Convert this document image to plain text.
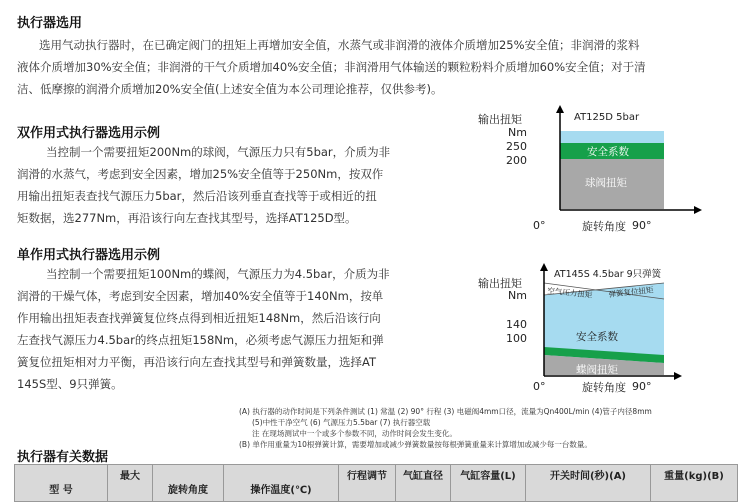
执行器选用
选用气动执行器时，在已确定阀门的扭矩上再增加安全值，水蒸气或非润滑的液体介质增加25%安全值；非润滑的浆料
液体介质增加30%安全值；非润滑的干气介质增加40%安全值；非润滑用气体输送的颗粒粉料介质增加60%安全值；对于清
洁、低摩擦的润滑介质增加20%安全值(上述安全值为本公司理论推荐，仅供参考)。
双作用式执行器选用示例
当控制一个需要扭矩200Nm的球阀，气源压力只有5bar，介质为非
润滑的水蒸气，考虑到安全因素，增加25%安全值等于250Nm，按双作
用输出扭矩表查找气源压力5bar，然后沿该列垂直查找等于或相近的扭
矩数据，选277Nm，再沿该行向左查找其型号，选择AT125D型。
单作用式执行器选用示例
当控制一个需要扭矩100Nm的蝶阀，气源压力为4.5bar，介质为非
润滑的干燥气体，考虑到安全因素，增加40%安全值等于140Nm，按单
作用输出扭矩表查找弹簧复位终点得到相近扭矩148Nm，然后沿该行向
左查找气源压力4.5bar的终点扭矩158Nm，必须考虑气源压力扭矩和弹
簧复位扭矩相对力平衡，再沿该行向左查找其型号和弹簧数量，选择AT
145S型、9只弹簧。
输出扭矩
Nm
AT125D 5bar
250
200
安全系数
球阀扭矩
0°	旋转角度 90°
输出扭矩
Nm
AT145S 4.5bar 9只弹簧
空气压力扭矩 弹簧复位扭矩
140
100	安全系数
蝶阀扭矩
0°	旋转角度 90°
(A) 执行器的动作时间是下列条件测试 (1) 常温 (2) 90° 行程 (3) 电磁阀4mm口径，流量为Qn400L/min (4)管子内径8mm
(5)中性干净空气 (6) 气源压力5.5bar (7) 执行器空载
注 在现场测试中一个或多个参数不同，动作时间会发生变化。
(B) 单作用重量为10根弹簧计算，需要增加或减少弹簧数量按每根弹簧重量来计算增加或减少每一台数量。
执行器有关数据
型 号	最大	旋转角度	操作温度(℃)	行程调节	气缸直径	气缸容量(L)	开关时间(秒)(A)	重量(kg)(B)
